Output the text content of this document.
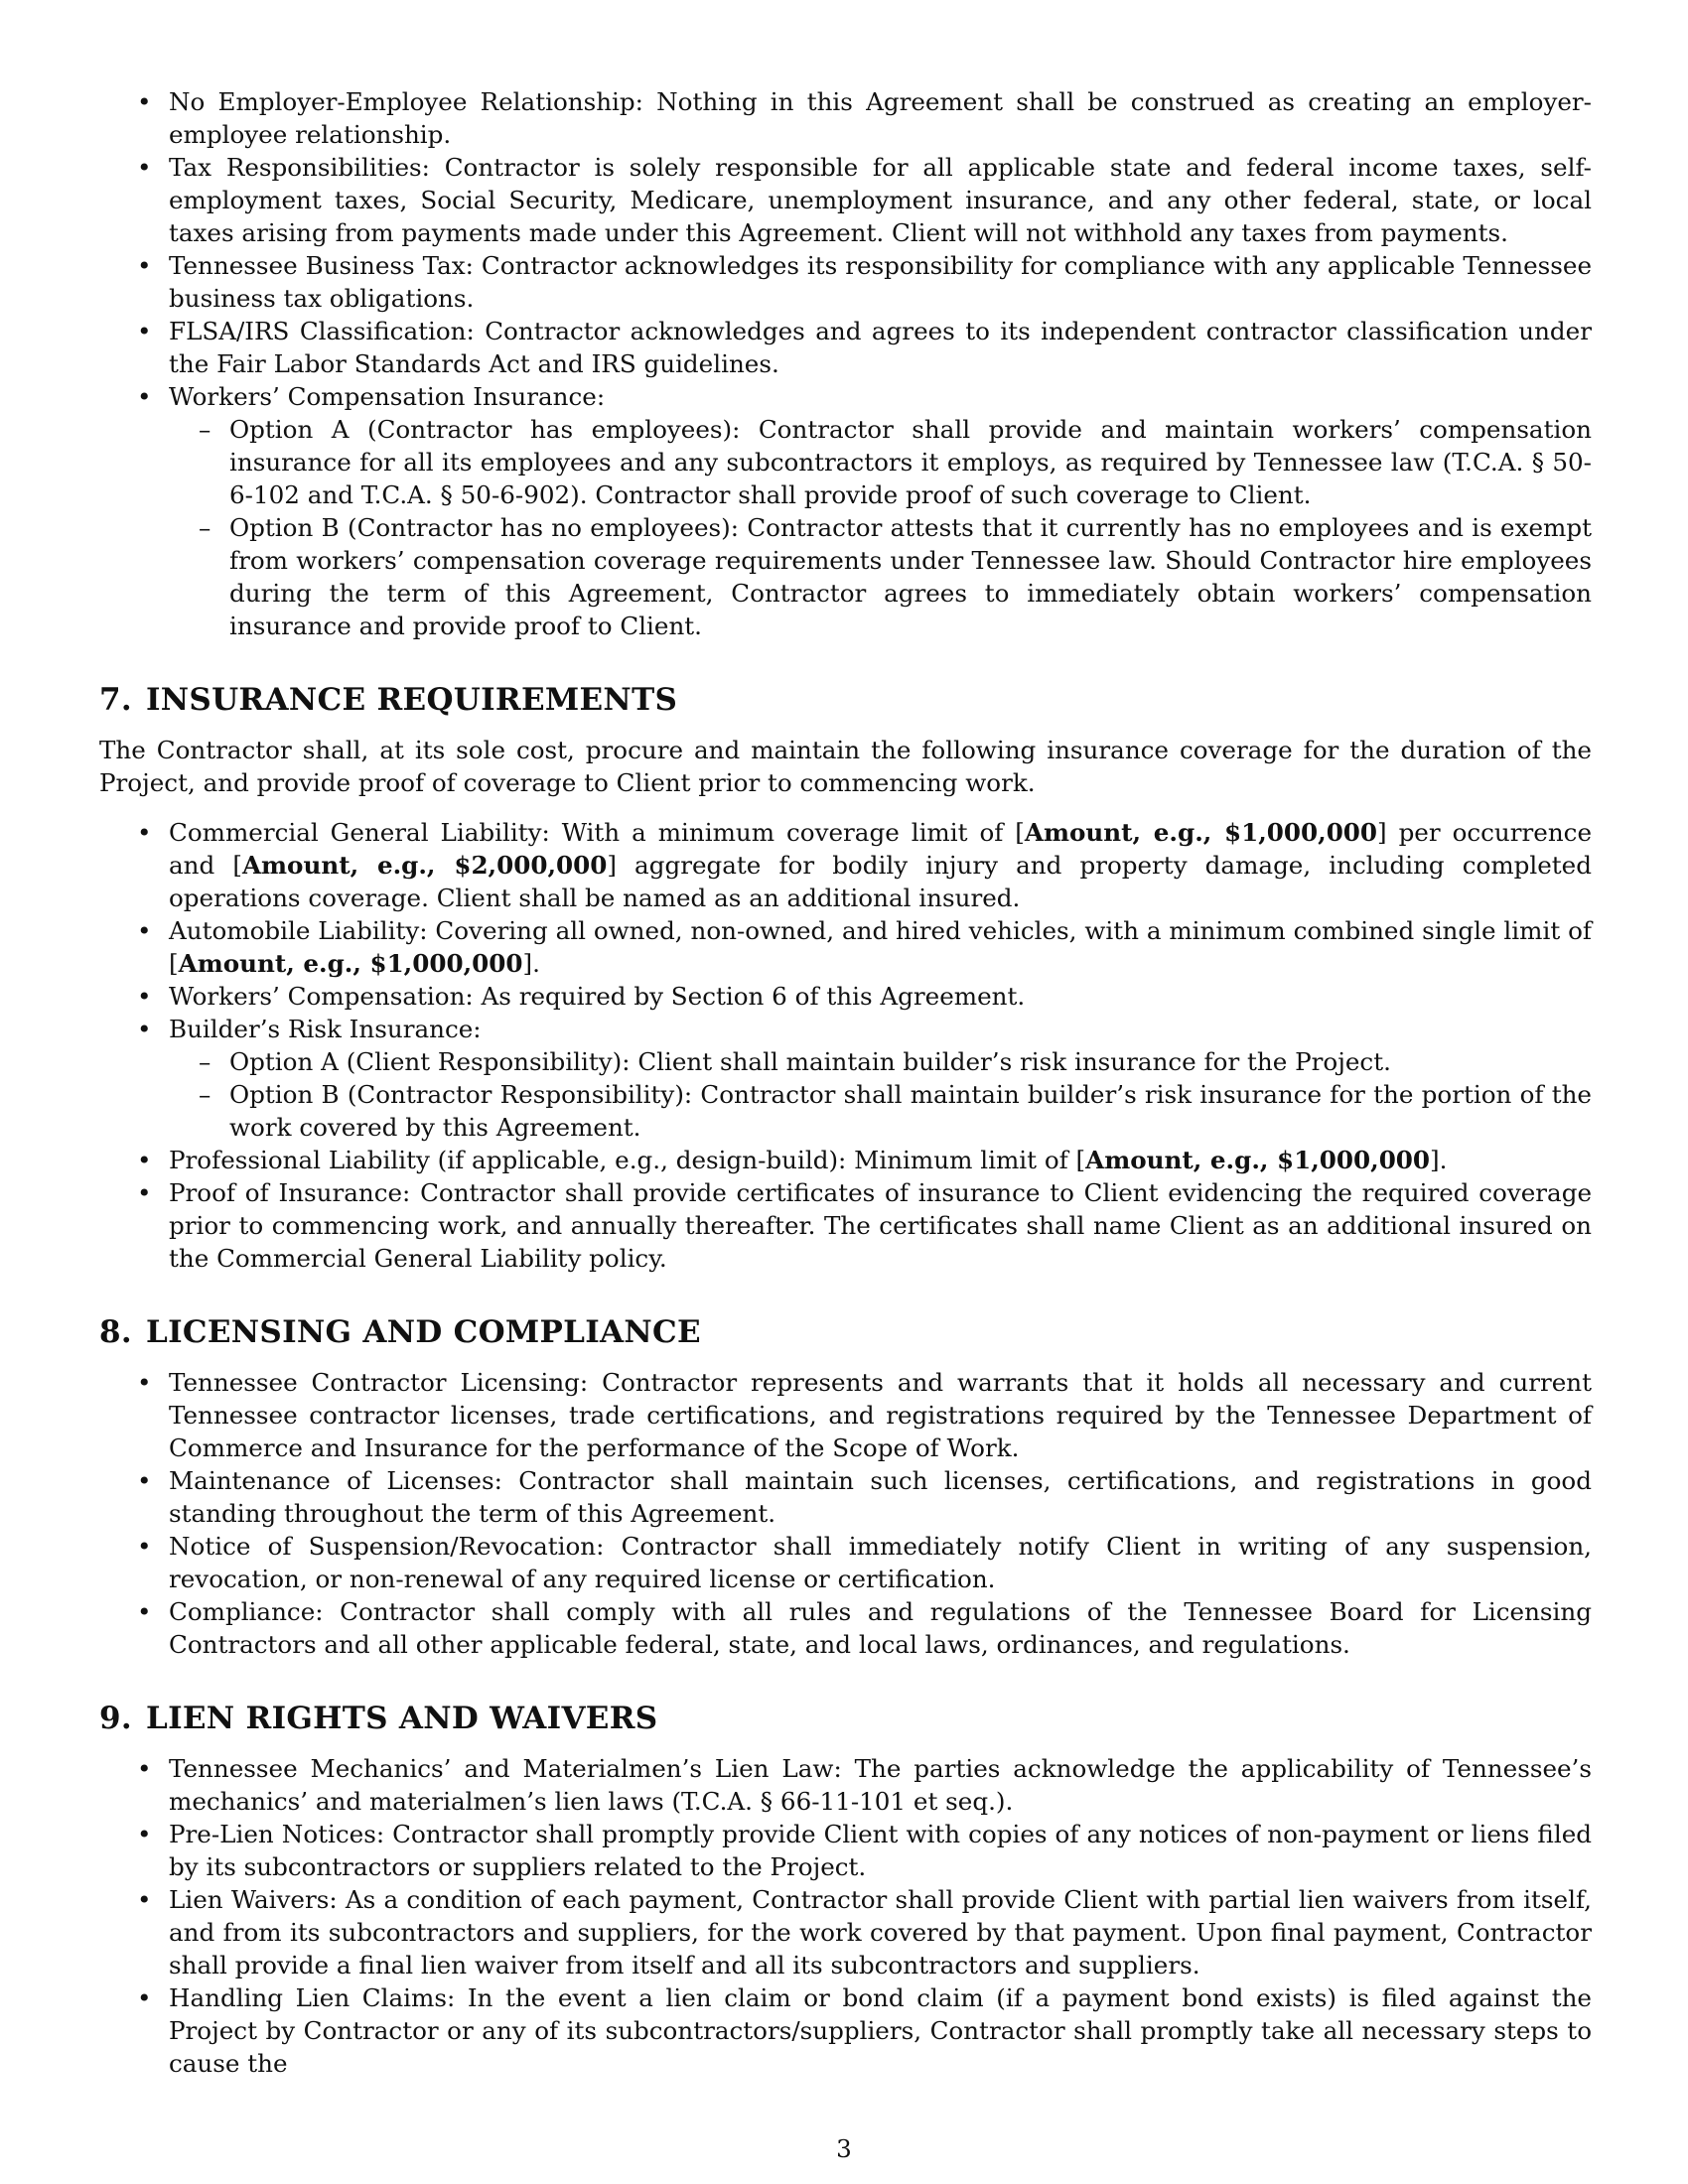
• No Employer-Employee Relationship: Nothing in this Agreement shall be construed as creating an employer-employee relationship.
• Tax Responsibilities: Contractor is solely responsible for all applicable state and federal income taxes, self-employment taxes, Social Security, Medicare, unemployment insurance, and any other federal, state, or local taxes arising from payments made under this Agreement. Client will not withhold any taxes from payments.
• Tennessee Business Tax: Contractor acknowledges its responsibility for compliance with any applicable Tennessee business tax obligations.
• FLSA/IRS Classification: Contractor acknowledges and agrees to its independent contractor classification under the Fair Labor Standards Act and IRS guidelines.
• Workers’ Compensation Insurance:
– Option A (Contractor has employees): Contractor shall provide and maintain workers’ compensation insurance for all its employees and any subcontractors it employs, as required by Tennessee law (T.C.A. § 50-6-102 and T.C.A. § 50-6-902). Contractor shall provide proof of such coverage to Client.
– Option B (Contractor has no employees): Contractor attests that it currently has no employees and is exempt from workers’ compensation coverage requirements under Tennessee law. Should Contractor hire employees during the term of this Agreement, Contractor agrees to immediately obtain workers’ compensation insurance and provide proof to Client.
7. INSURANCE REQUIREMENTS

The Contractor shall, at its sole cost, procure and maintain the following insurance coverage for the duration of the Project, and provide proof of coverage to Client prior to commencing work.

• Commercial General Liability: With a minimum coverage limit of [Amount, e.g., $1,000,000] per occurrence and [Amount, e.g., $2,000,000] aggregate for bodily injury and property damage, including completed operations coverage. Client shall be named as an additional insured.
• Automobile Liability: Covering all owned, non-owned, and hired vehicles, with a minimum combined single limit of [Amount, e.g., $1,000,000].
• Workers’ Compensation: As required by Section 6 of this Agreement.
• Builder’s Risk Insurance:
– Option A (Client Responsibility): Client shall maintain builder’s risk insurance for the Project.
– Option B (Contractor Responsibility): Contractor shall maintain builder’s risk insurance for the portion of the work covered by this Agreement.
• Professional Liability (if applicable, e.g., design-build): Minimum limit of [Amount, e.g., $1,000,000].
• Proof of Insurance: Contractor shall provide certificates of insurance to Client evidencing the required coverage prior to commencing work, and annually thereafter. The certificates shall name Client as an additional insured on the Commercial General Liability policy.
8. LICENSING AND COMPLIANCE
• Tennessee Contractor Licensing: Contractor represents and warrants that it holds all necessary and current Tennessee contractor licenses, trade certifications, and registrations required by the Tennessee Department of Commerce and Insurance for the performance of the Scope of Work.
• Maintenance of Licenses: Contractor shall maintain such licenses, certifications, and registrations in good standing throughout the term of this Agreement.
• Notice of Suspension/Revocation: Contractor shall immediately notify Client in writing of any suspension, revocation, or non-renewal of any required license or certification.
• Compliance: Contractor shall comply with all rules and regulations of the Tennessee Board for Licensing Contractors and all other applicable federal, state, and local laws, ordinances, and regulations.
9. LIEN RIGHTS AND WAIVERS
• Tennessee Mechanics’ and Materialmen’s Lien Law: The parties acknowledge the applicability of Tennessee’s mechanics’ and materialmen’s lien laws (T.C.A. § 66-11-101 et seq.).
• Pre-Lien Notices: Contractor shall promptly provide Client with copies of any notices of non-payment or liens filed by its subcontractors or suppliers related to the Project.
• Lien Waivers: As a condition of each payment, Contractor shall provide Client with partial lien waivers from itself, and from its subcontractors and suppliers, for the work covered by that payment. Upon final payment, Contractor shall provide a final lien waiver from itself and all its subcontractors and suppliers.
• Handling Lien Claims: In the event a lien claim or bond claim (if a payment bond exists) is filed against the Project by Contractor or any of its subcontractors/suppliers, Contractor shall promptly take all necessary steps to cause the
3
